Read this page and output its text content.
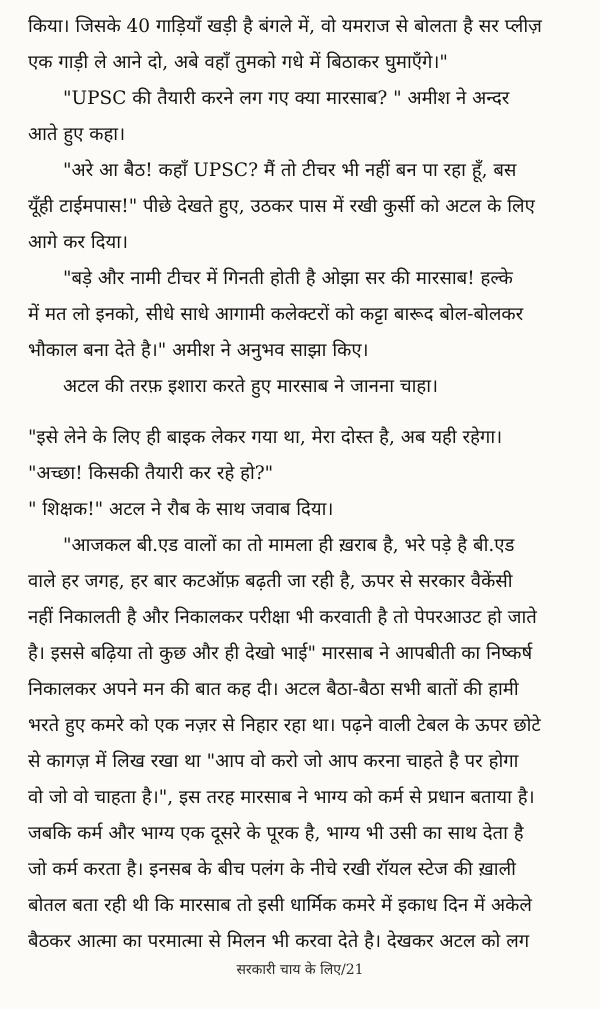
किया। जिसके 40 गाड़ियाँ खड़ी है बंगले में, वो यमराज से बोलता है सर प्लीज़
एक गाड़ी ले आने दो, अबे वहाँ तुमको गधे में बिठाकर घुमाएँगे।"
"UPSC की तैयारी करने लग गए क्या मारसाब? " अमीश ने अन्दर
आते हुए कहा।
"अरे आ बैठ! कहाँ UPSC? मैं तो टीचर भी नहीं बन पा रहा हूँ, बस
यूँही टाईमपास!" पीछे देखते हुए, उठकर पास में रखी कुर्सी को अटल के लिए
आगे कर दिया।
"बड़े और नामी टीचर में गिनती होती है ओझा सर की मारसाब! हल्के
में मत लो इनको, सीधे साधे आगामी कलेक्टरों को कट्टा बारूद बोल-बोलकर
भौकाल बना देते है।" अमीश ने अनुभव साझा किए।
अटल की तरफ़ इशारा करते हुए मारसाब ने जानना चाहा।
"इसे लेने के लिए ही बाइक लेकर गया था, मेरा दोस्त है, अब यही रहेगा।
"अच्छा! किसकी तैयारी कर रहे हो?"
" शिक्षक!" अटल ने रौब के साथ जवाब दिया।
"आजकल बी.एड वालों का तो मामला ही ख़राब है, भरे पड़े है बी.एड
वाले हर जगह, हर बार कटऑफ़ बढ़ती जा रही है, ऊपर से सरकार वैकेंसी
नहीं निकालती है और निकालकर परीक्षा भी करवाती है तो पेपरआउट हो जाते
है। इससे बढ़िया तो कुछ और ही देखो भाई" मारसाब ने आपबीती का निष्कर्ष
निकालकर अपने मन की बात कह दी। अटल बैठा-बैठा सभी बातों की हामी
भरते हुए कमरे को एक नज़र से निहार रहा था। पढ़ने वाली टेबल के ऊपर छोटे
से कागज़ में लिख रखा था "आप वो करो जो आप करना चाहते है पर होगा
वो जो वो चाहता है।", इस तरह मारसाब ने भाग्य को कर्म से प्रधान बताया है।
जबकि कर्म और भाग्य एक दूसरे के पूरक है, भाग्य भी उसी का साथ देता है
जो कर्म करता है। इनसब के बीच पलंग के नीचे रखी रॉयल स्टेज की ख़ाली
बोतल बता रही थी कि मारसाब तो इसी धार्मिक कमरे में इकाध दिन में अकेले
बैठकर आत्मा का परमात्मा से मिलन भी करवा देते है। देखकर अटल को लग
सरकारी चाय के लिए/21
